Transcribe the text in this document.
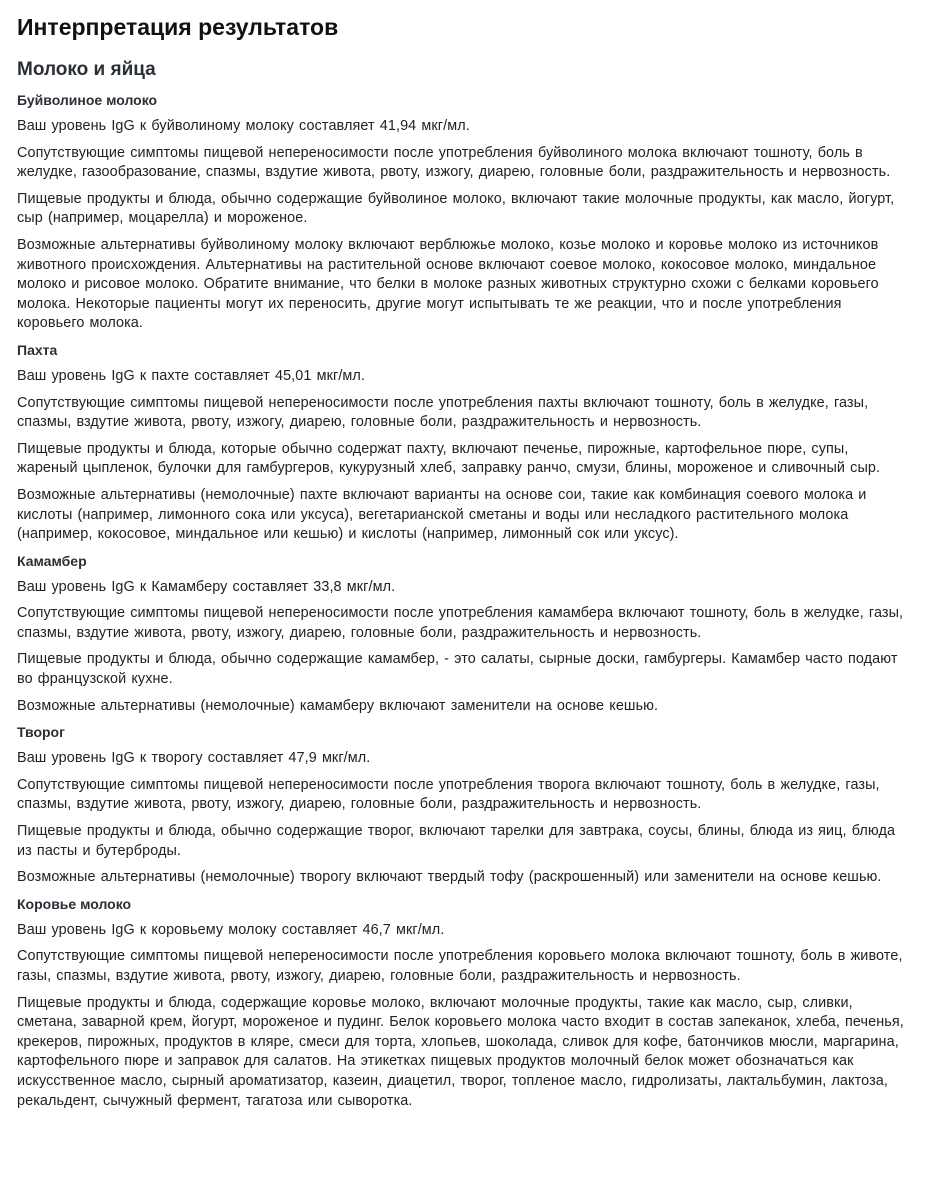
Интерпретация результатов
Молоко и яйца
Буйволиное молоко

Ваш уровень IgG к буйволиному молоку составляет 41,94 мкг/мл.

Сопутствующие симптомы пищевой непереносимости после употребления буйволиного молока включают тошноту, боль в желудке, газообразование, спазмы, вздутие живота, рвоту, изжогу, диарею, головные боли, раздражительность и нервозность.

Пищевые продукты и блюда, обычно содержащие буйволиное молоко, включают такие молочные продукты, как масло, йогурт, сыр (например, моцарелла) и мороженое.

Возможные альтернативы буйволиному молоку включают верблюжье молоко, козье молоко и коровье молоко из источников животного происхождения. Альтернативы на растительной основе включают соевое молоко, кокосовое молоко, миндальное молоко и рисовое молоко. Обратите внимание, что белки в молоке разных животных структурно схожи с белками коровьего молока. Некоторые пациенты могут их переносить, другие могут испытывать те же реакции, что и после употребления коровьего молока.

Пахта

Ваш уровень IgG к пахте составляет 45,01 мкг/мл.

Сопутствующие симптомы пищевой непереносимости после употребления пахты включают тошноту, боль в желудке, газы, спазмы, вздутие живота, рвоту, изжогу, диарею, головные боли, раздражительность и нервозность.

Пищевые продукты и блюда, которые обычно содержат пахту, включают печенье, пирожные, картофельное пюре, супы, жареный цыпленок, булочки для гамбургеров, кукурузный хлеб, заправку ранчо, смузи, блины, мороженое и сливочный сыр.

Возможные альтернативы (немолочные) пахте включают варианты на основе сои, такие как комбинация соевого молока и кислоты (например, лимонного сока или уксуса), вегетарианской сметаны и воды или несладкого растительного молока (например, кокосовое, миндальное или кешью) и кислоты (например, лимонный сок или уксус).

Камамбер

Ваш уровень IgG к Камамберу составляет 33,8 мкг/мл.

Сопутствующие симптомы пищевой непереносимости после употребления камамбера включают тошноту, боль в желудке, газы, спазмы, вздутие живота, рвоту, изжогу, диарею, головные боли, раздражительность и нервозность.

Пищевые продукты и блюда, обычно содержащие камамбер, - это салаты, сырные доски, гамбургеры. Камамбер часто подают во французской кухне.

Возможные альтернативы (немолочные) камамберу включают заменители на основе кешью.

Творог

Ваш уровень IgG к творогу составляет 47,9 мкг/мл.

Сопутствующие симптомы пищевой непереносимости после употребления творога включают тошноту, боль в желудке, газы, спазмы, вздутие живота, рвоту, изжогу, диарею, головные боли, раздражительность и нервозность.

Пищевые продукты и блюда, обычно содержащие творог, включают тарелки для завтрака, соусы, блины, блюда из яиц, блюда из пасты и бутерброды.

Возможные альтернативы (немолочные) творогу включают твердый тофу (раскрошенный) или заменители на основе кешью.

Коровье молоко

Ваш уровень IgG к коровьему молоку составляет 46,7 мкг/мл.

Сопутствующие симптомы пищевой непереносимости после употребления коровьего молока включают тошноту, боль в животе, газы, спазмы, вздутие живота, рвоту, изжогу, диарею, головные боли, раздражительность и нервозность.

Пищевые продукты и блюда, содержащие коровье молоко, включают молочные продукты, такие как масло, сыр, сливки, сметана, заварной крем, йогурт, мороженое и пудинг. Белок коровьего молока часто входит в состав запеканок, хлеба, печенья, крекеров, пирожных, продуктов в кляре, смеси для торта, хлопьев, шоколада, сливок для кофе, батончиков мюсли, маргарина, картофельного пюре и заправок для салатов. На этикетках пищевых продуктов молочный белок может обозначаться как искусственное масло, сырный ароматизатор, казеин, диацетил, творог, топленое масло, гидролизаты, лактальбумин, лактоза, рекальдент, сычужный фермент, тагатоза или сыворотка.
